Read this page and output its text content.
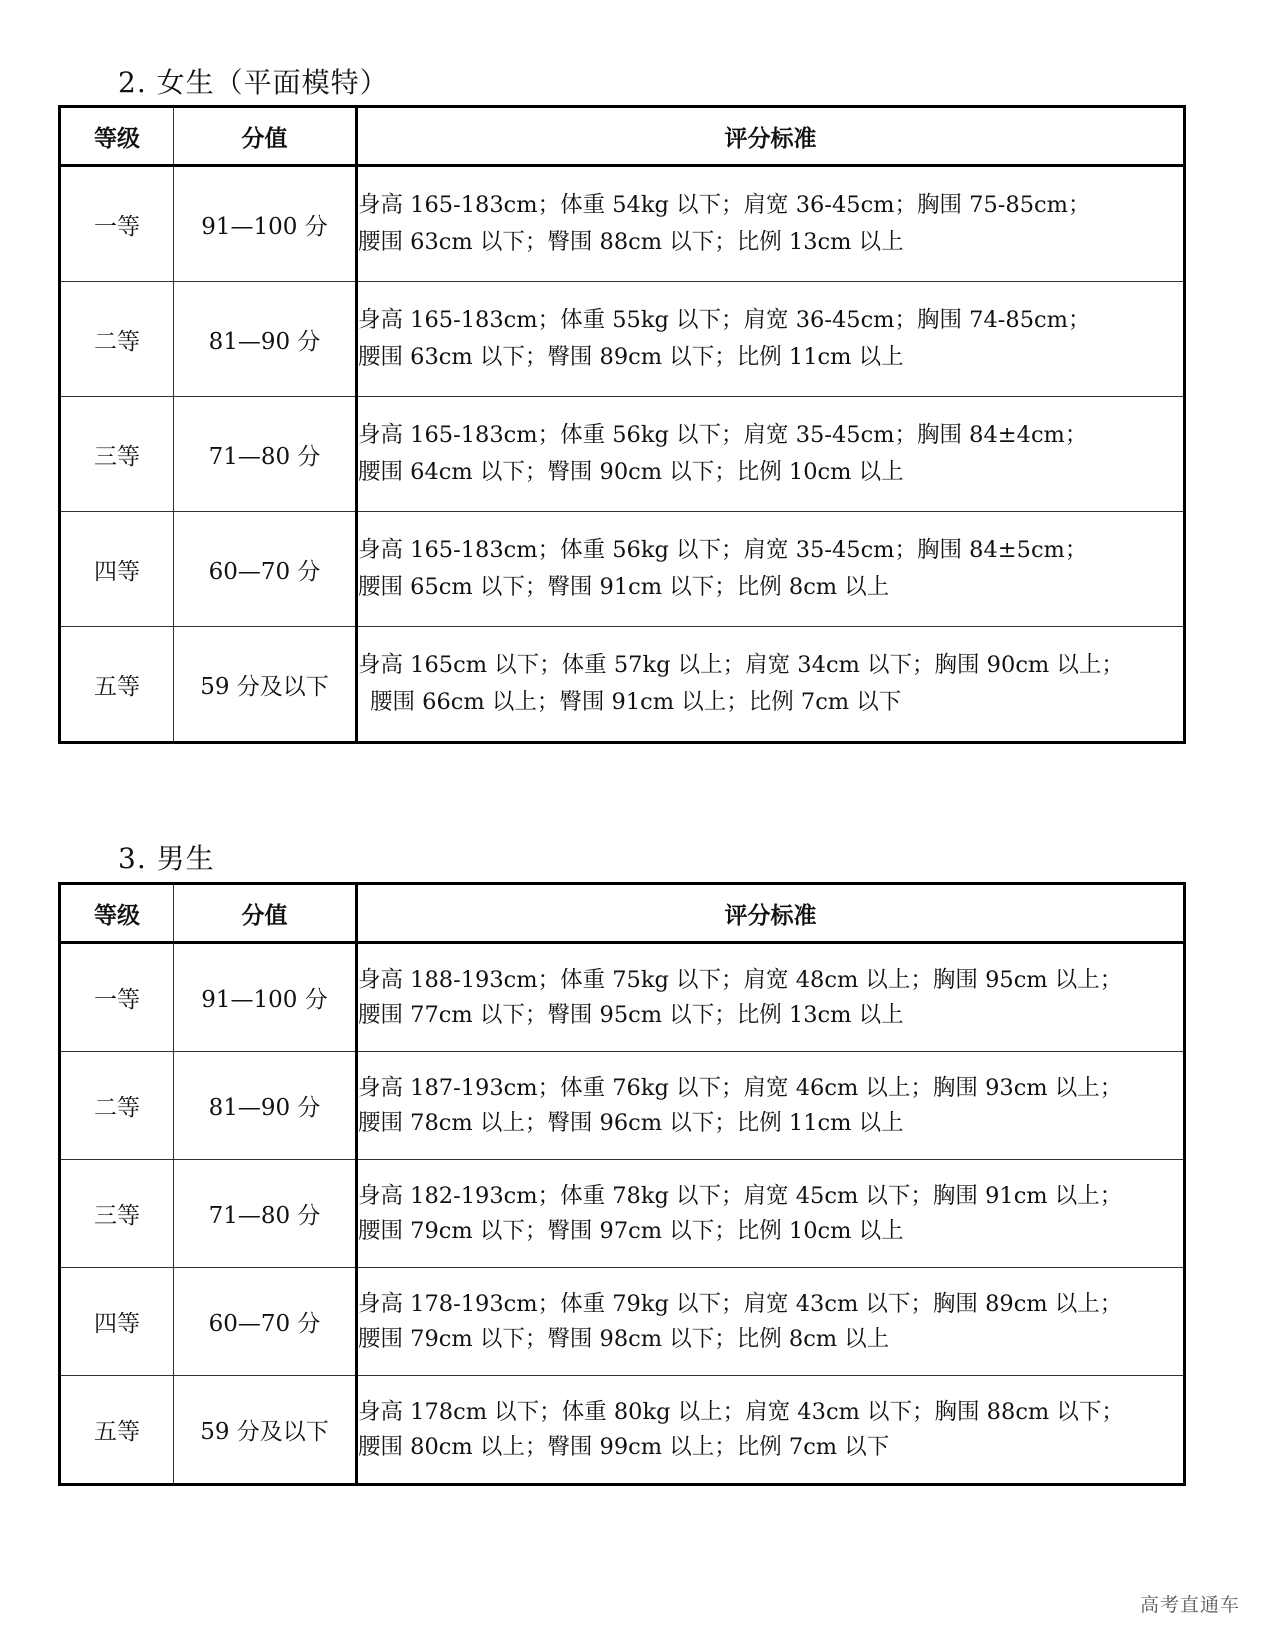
2. 女生（平面模特）
等级	分值	评分标准
一等	91—100 分	身高 165-183cm；体重 54kg 以下；肩宽 36-45cm；胸围 75-85cm；
腰围 63cm 以下；臀围 88cm 以下；比例 13cm 以上

二等	81—90 分	身高 165-183cm；体重 55kg 以下；肩宽 36-45cm；胸围 74-85cm；
腰围 63cm 以下；臀围 89cm 以下；比例 11cm 以上

三等	71—80 分	身高 165-183cm；体重 56kg 以下；肩宽 35-45cm；胸围 84±4cm；
腰围 64cm 以下；臀围 90cm 以下；比例 10cm 以上

四等	60—70 分	身高 165-183cm；体重 56kg 以下；肩宽 35-45cm；胸围 84±5cm；
腰围 65cm 以下；臀围 91cm 以下；比例 8cm 以上

五等	59 分及以下	身高 165cm 以下；体重 57kg 以上；肩宽 34cm 以下；胸围 90cm 以上；
腰围 66cm 以上；臀围 91cm 以上；比例 7cm 以下
3. 男生
等级	分值	评分标准
一等	91—100 分	身高 188-193cm；体重 75kg 以下；肩宽 48cm 以上；胸围 95cm 以上；
腰围 77cm 以下；臀围 95cm 以下；比例 13cm 以上

二等	81—90 分	身高 187-193cm；体重 76kg 以下；肩宽 46cm 以上；胸围 93cm 以上；
腰围 78cm 以上；臀围 96cm 以下；比例 11cm 以上

三等	71—80 分	身高 182-193cm；体重 78kg 以下；肩宽 45cm 以下；胸围 91cm 以上；
腰围 79cm 以下；臀围 97cm 以下；比例 10cm 以上

四等	60—70 分	身高 178-193cm；体重 79kg 以下；肩宽 43cm 以下；胸围 89cm 以上；
腰围 79cm 以下；臀围 98cm 以下；比例 8cm 以上

五等	59 分及以下	身高 178cm 以下；体重 80kg 以上；肩宽 43cm 以下；胸围 88cm 以下；
腰围 80cm 以上；臀围 99cm 以上；比例 7cm 以下
高考直通车
